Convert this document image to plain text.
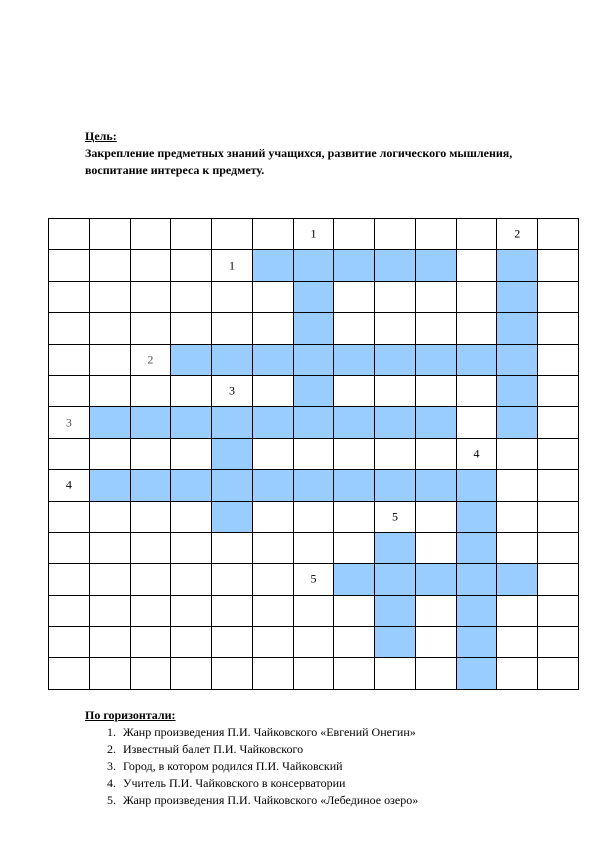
Цель:
Закрепление предметных знаний учащихся, развитие логического мышления, воспитание интереса к предмету.
1	2
1
2
3
3
4
4
5
5
По горизонтали:
1. Жанр произведения П.И. Чайковского «Евгений Онегин»
2. Известный балет П.И. Чайковского
3. Город, в котором родился П.И. Чайковский
4. Учитель П.И. Чайковского в консерватории
5. Жанр произведения П.И. Чайковского «Лебединое озеро»
